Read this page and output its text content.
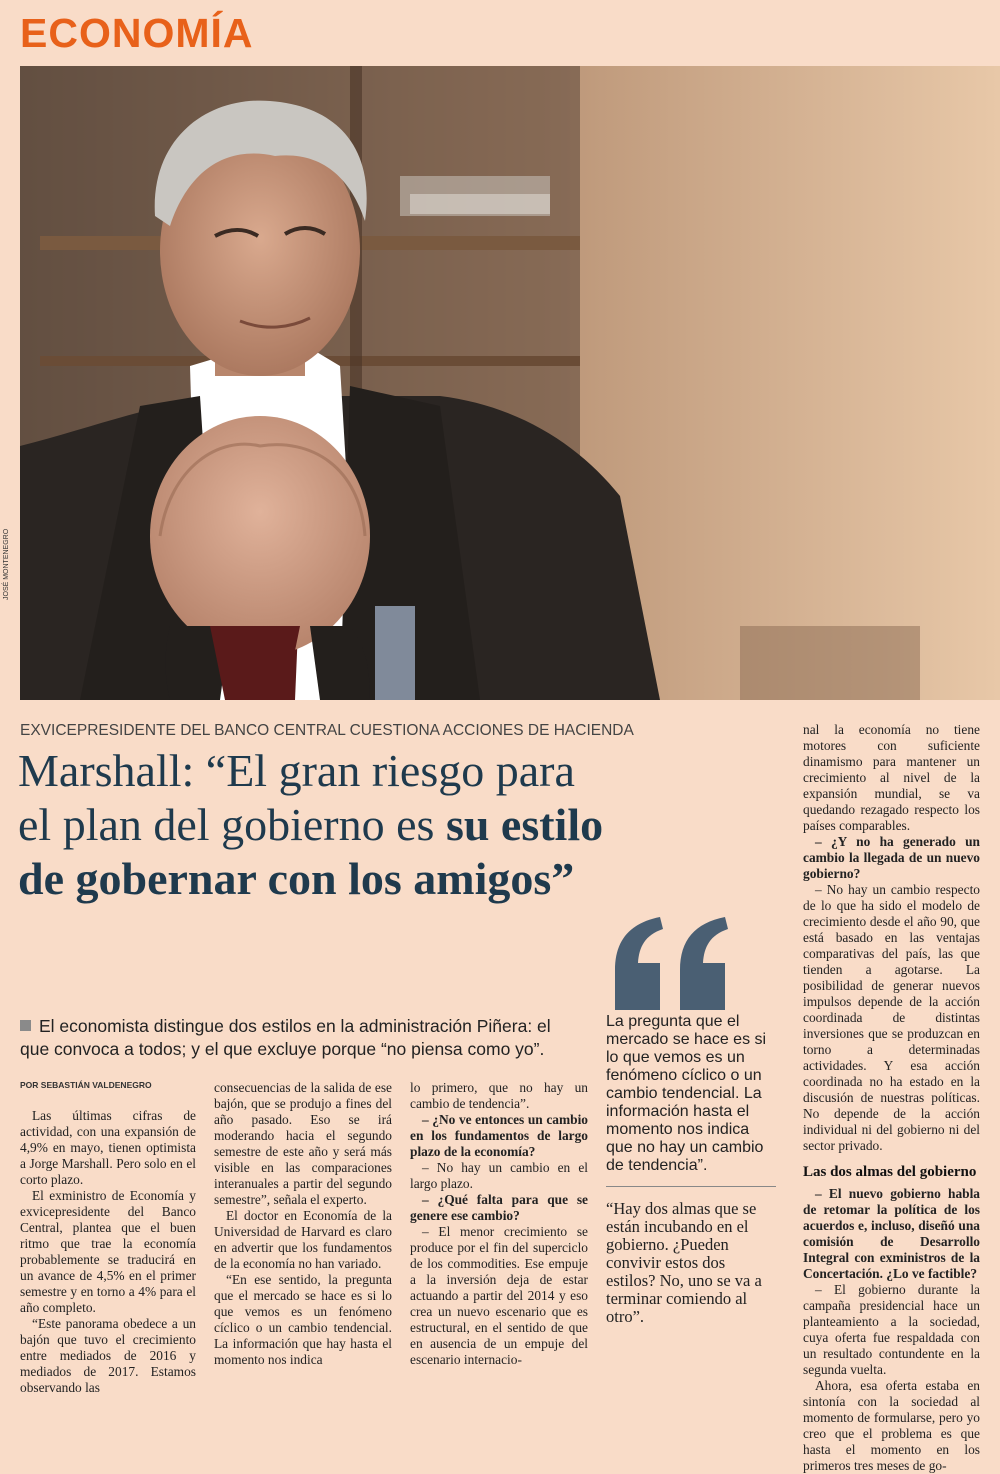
ECONOMÍA
JOSÉ MONTENEGRO
EXVICEPRESIDENTE DEL BANCO CENTRAL CUESTIONA ACCIONES DE HACIENDA
Marshall: “El gran riesgo para el plan del gobierno es su estilo de gobernar con los amigos”
El economista distingue dos estilos en la administración Piñera: el que convoca a todos; y el que excluye porque “no piensa como yo”.
POR SEBASTIÁN VALDENEGRO

Las últimas cifras de actividad, con una expansión de 4,9% en mayo, tienen optimista a Jorge Marshall. Pero solo en el corto plazo.

El exministro de Economía y exvicepresidente del Banco Central, plantea que el buen ritmo que trae la economía probablemente se traducirá en un avance de 4,5% en el primer semestre y en torno a 4% para el año completo.

“Este panorama obedece a un bajón que tuvo el crecimiento entre mediados de 2016 y mediados de 2017. Estamos observando las

consecuencias de la salida de ese bajón, que se produjo a fines del año pasado. Eso se irá moderando hacia el segundo semestre de este año y será más visible en las comparaciones interanuales a partir del segundo semestre”, señala el experto.

El doctor en Economía de la Universidad de Harvard es claro en advertir que los fundamentos de la economía no han variado.

“En ese sentido, la pregunta que el mercado se hace es si lo que vemos es un fenómeno cíclico o un cambio tendencial. La información que hay hasta el momento nos indica

lo primero, que no hay un cambio de tendencia”.

– ¿No ve entonces un cambio en los fundamentos de largo plazo de la economía?

– No hay un cambio en el largo plazo.

– ¿Qué falta para que se genere ese cambio?

– El menor crecimiento se produce por el fin del superciclo de los commodities. Ese empuje a la inversión deja de estar actuando a partir del 2014 y eso crea un nuevo escenario que es estructural, en el sentido de que en ausencia de un empuje del escenario internacio-

La pregunta que el mercado se hace es si lo que vemos es un fenómeno cíclico o un cambio tendencial. La información hasta el momento nos indica que no hay un cambio de tendencia”.
“Hay dos almas que se están incubando en el gobierno. ¿Pueden convivir estos dos estilos? No, uno se va a terminar comiendo al otro”.

nal la economía no tiene motores con suficiente dinamismo para mantener un crecimiento al nivel de la expansión mundial, se va quedando rezagado respecto los países comparables.

– ¿Y no ha generado un cambio la llegada de un nuevo gobierno?

– No hay un cambio respecto de lo que ha sido el modelo de crecimiento desde el año 90, que está basado en las ventajas comparativas del país, las que tienden a agotarse. La posibilidad de generar nuevos impulsos depende de la acción coordinada de distintas inversiones que se produzcan en torno a determinadas actividades. Y esa acción coordinada no ha estado en la discusión de nuestras políticas. No depende de la acción individual ni del gobierno ni del sector privado.

Las dos almas del gobierno

– El nuevo gobierno habla de retomar la política de los acuerdos e, incluso, diseñó una comisión de Desarrollo Integral con exministros de la Concertación. ¿Lo ve factible?

– El gobierno durante la campaña presidencial hace un planteamiento a la sociedad, cuya oferta fue respaldada con un resultado contundente en la segunda vuelta.

Ahora, esa oferta estaba en sintonía con la sociedad al momento de formularse, pero yo creo que el problema es que hasta el momento en los primeros tres meses de go-
